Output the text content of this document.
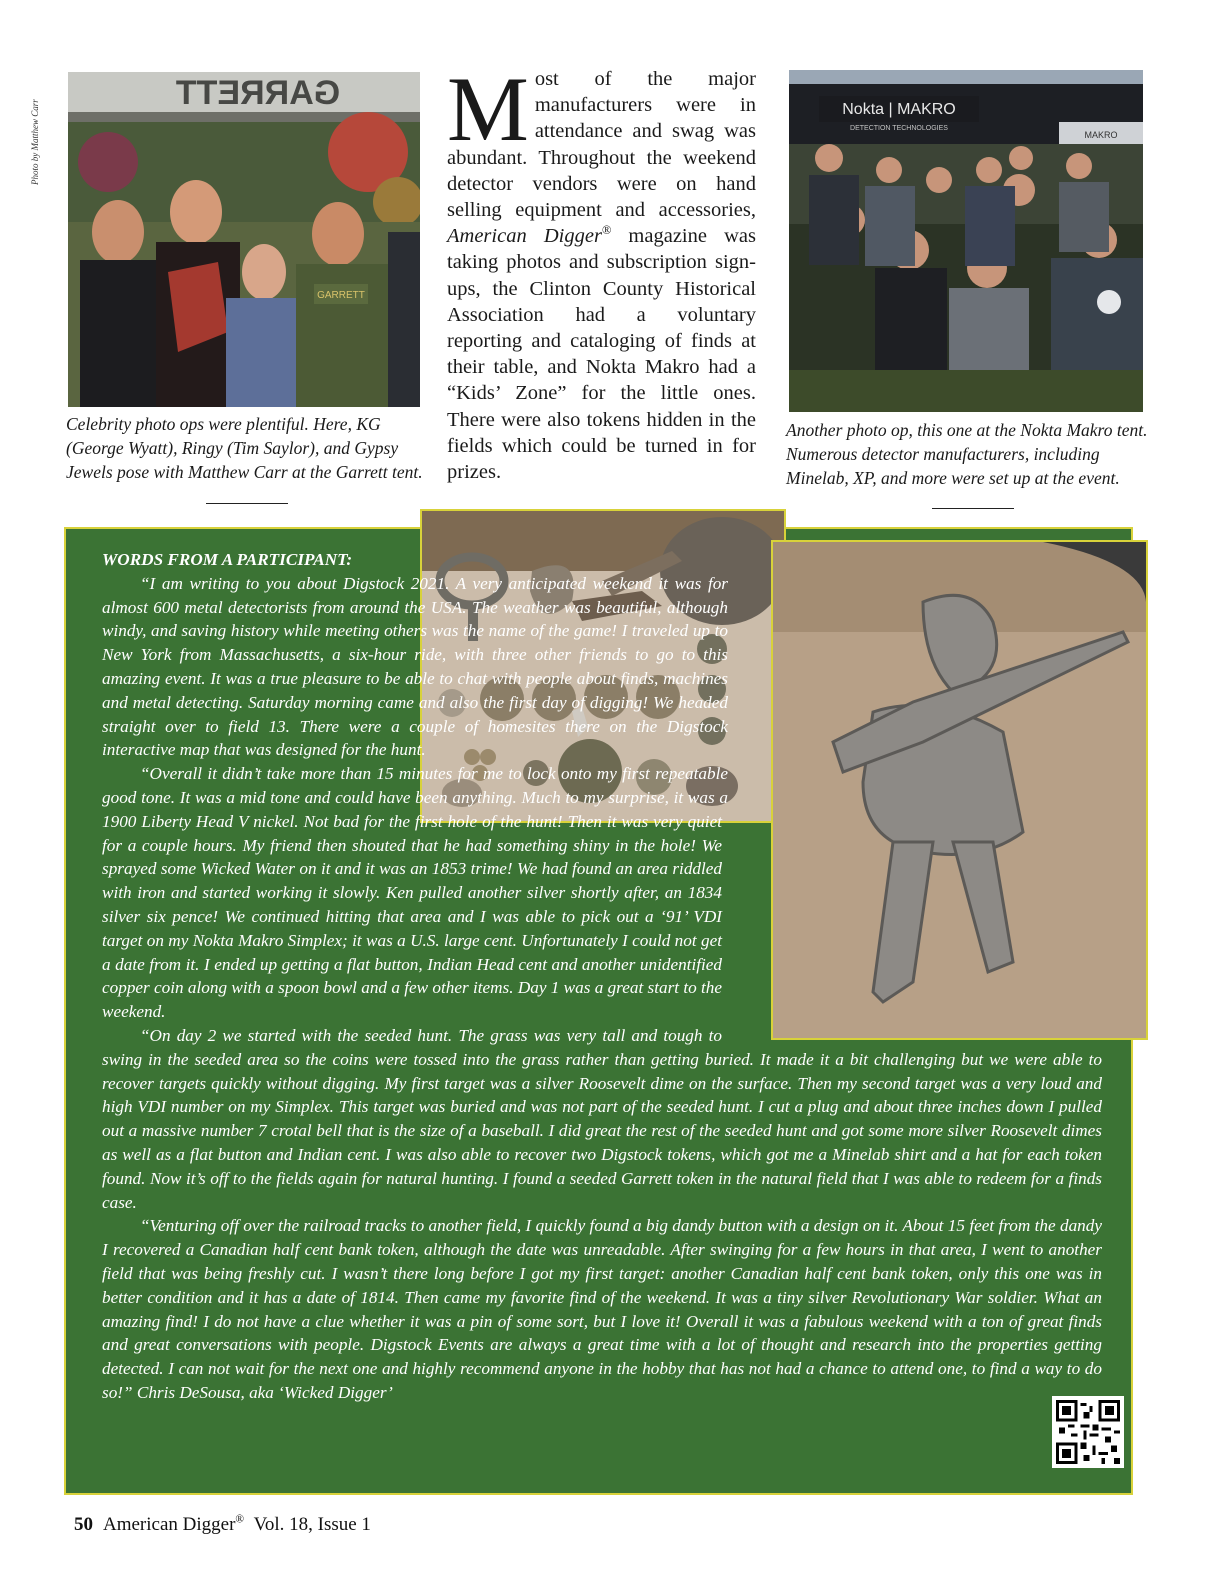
GARRETT
GARRETT
Photo by Matthew Carr
Celebrity photo ops were plentiful. Here, KG (George Wyatt), Ringy (Tim Saylor), and Gypsy Jewels pose with Matthew Carr at the Garrett tent.
Most of the major manufacturers were in attendance and swag was abundant. Throughout the weekend detector vendors were on hand selling equipment and accessories, American Digger® magazine was taking photos and subscription sign-ups, the Clinton County Historical Association had a voluntary reporting and cataloging of finds at their table, and Nokta Makro had a “Kids’ Zone” for the little ones. There were also tokens hidden in the fields which could be turned in for prizes.
Nokta | MAKRO
DETECTION TECHNOLOGIES
MAKRO
Another photo op, this one at the Nokta Makro tent. Numerous detector manufacturers, including Minelab, XP, and more were set up at the event.

WORDS FROM A PARTICIPANT:

“I am writing to you about Digstock 2021. A very anticipated weekend it was for almost 600 metal detectorists from around the USA. The weather was beautiful, although windy, and saving history while meeting others was the name of the game! I traveled up to New York from Massachusetts, a six-hour ride, with three other friends to go to this amazing event. It was a true pleasure to be able to chat with people about finds, machines and metal detecting. Saturday morning came and also the first day of digging! We headed straight over to field 13. There were a couple of homesites there on the Digstock interactive map that was designed for the hunt.

“Overall it didn’t take more than 15 minutes for me to lock onto my first repeatable good tone. It was a mid tone and could have been anything. Much to my surprise, it was a 1900 Liberty Head V nickel. Not bad for the first hole of the hunt! Then it was very quiet for a couple hours. My friend then shouted that he had something shiny in the hole! We sprayed some Wicked Water on it and it was an 1853 trime! We had found an area riddled with iron and started working it slowly. Ken pulled another silver shortly after, an 1834 silver six pence! We continued hitting that area and I was able to pick out a ‘91’ VDI target on my Nokta Makro Simplex; it was a U.S. large cent. Unfortunately I could not get a date from it. I ended up getting a flat button, Indian Head cent and another unidentified copper coin along with a spoon bowl and a few other items. Day 1 was a great start to the weekend.

“On day 2 we started with the seeded hunt. The grass was very tall and tough to swing in the seeded area so the coins were tossed into the grass rather than getting buried. It made it a bit challenging but we were able to recover targets quickly without digging. My first target was a silver Roosevelt dime on the surface. Then my second target was a very loud and high VDI number on my Simplex. This target was buried and was not part of the seeded hunt. I cut a plug and about three inches down I pulled out a massive number 7 crotal bell that is the size of a baseball. I did great the rest of the seeded hunt and got some more silver Roosevelt dimes as well as a flat button and Indian cent. I was also able to recover two Digstock tokens, which got me a Minelab shirt and a hat for each token found. Now it’s off to the fields again for natural hunting. I found a seeded Garrett token in the natural field that I was able to redeem for a finds case.

“Venturing off over the railroad tracks to another field, I quickly found a big dandy button with a design on it. About 15 feet from the dandy I recovered a Canadian half cent bank token, although the date was unreadable. After swinging for a few hours in that area, I went to another field that was being freshly cut. I wasn’t there long before I got my first target: another Canadian half cent bank token, only this one was in better condition and it has a date of 1814. Then came my favorite find of the weekend. It was a tiny silver Revolutionary War soldier. What an amazing find! I do not have a clue whether it was a pin of some sort, but I love it! Overall it was a fabulous weekend with a ton of great finds and great conversations with people. Digstock Events are always a great time with a lot of thought and research into the properties getting detected. I can not wait for the next one and highly recommend anyone in the hobby that has not had a chance to attend one, to find a way to do so!” Chris DeSousa, aka ‘Wicked Digger’

50 American Digger® Vol. 18, Issue 1
